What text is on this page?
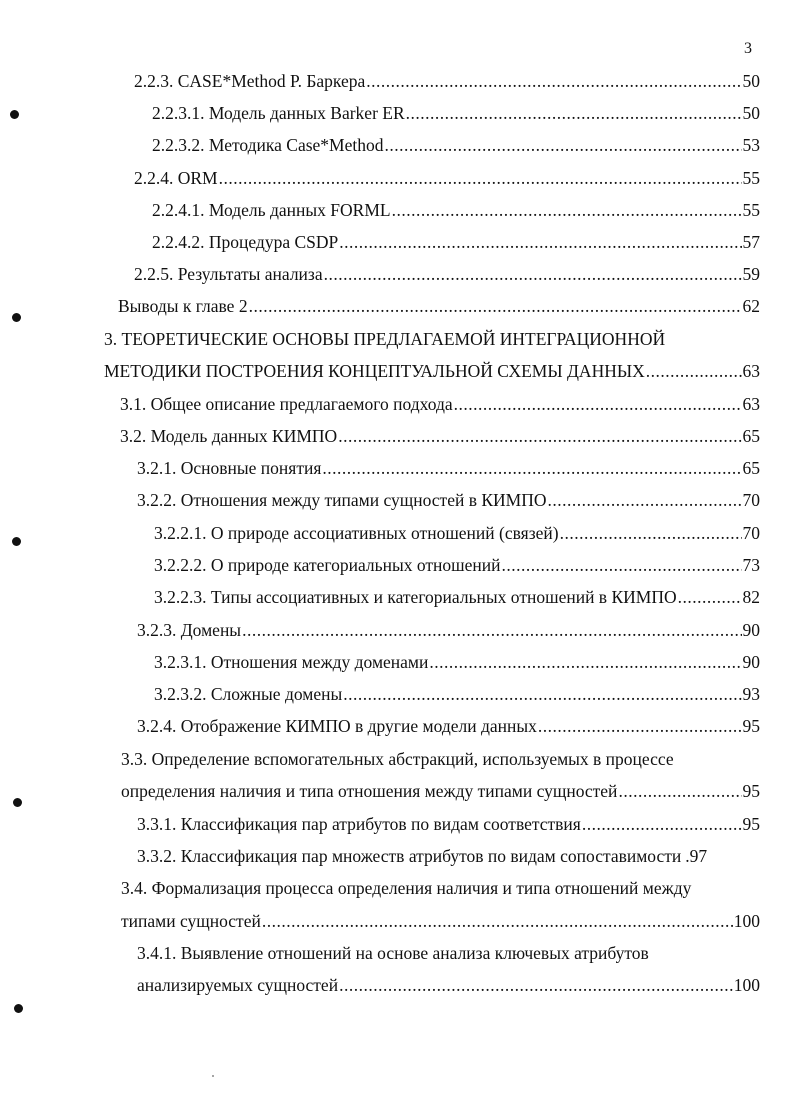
3
2.2.3. CASE*Method Р. Баркера .....	50
2.2.3.1. Модель данных Barker ER .....	50
2.2.3.2. Методика Case*Method .....	53
2.2.4. ORM .....	55
2.2.4.1. Модель данных FORML .....	55
2.2.4.2. Процедура CSDP .....	57
2.2.5. Результаты анализа .....	59
Выводы к главе 2 .....	62
3. ТЕОРЕТИЧЕСКИЕ ОСНОВЫ ПРЕДЛАГАЕМОЙ ИНТЕГРАЦИОННОЙ
МЕТОДИКИ ПОСТРОЕНИЯ КОНЦЕПТУАЛЬНОЙ СХЕМЫ ДАННЫХ .....	63
3.1. Общее описание предлагаемого подхода .....	63
3.2. Модель данных КИМПО .....	65
3.2.1. Основные понятия .....	65
3.2.2. Отношения между типами сущностей в КИМПО .....	70
3.2.2.1. О природе ассоциативных отношений (связей) .....	70
3.2.2.2. О природе категориальных отношений .....	73
3.2.2.3. Типы ассоциативных и категориальных отношений в КИМПО .....	82
3.2.3. Домены .....	90
3.2.3.1. Отношения между доменами .....	90
3.2.3.2. Сложные домены .....	93
3.2.4. Отображение КИМПО в другие модели данных .....	95
3.3. Определение вспомогательных абстракций, используемых в процессе
определения наличия и типа отношения между типами сущностей .....	95
3.3.1. Классификация пар атрибутов по видам соответствия .....	95
3.3.2. Классификация пар множеств атрибутов по видам сопоставимости .97
3.4. Формализация процесса определения наличия и типа отношений между
типами сущностей .....	100
3.4.1. Выявление отношений на основе анализа ключевых атрибутов
анализируемых сущностей .....	100
